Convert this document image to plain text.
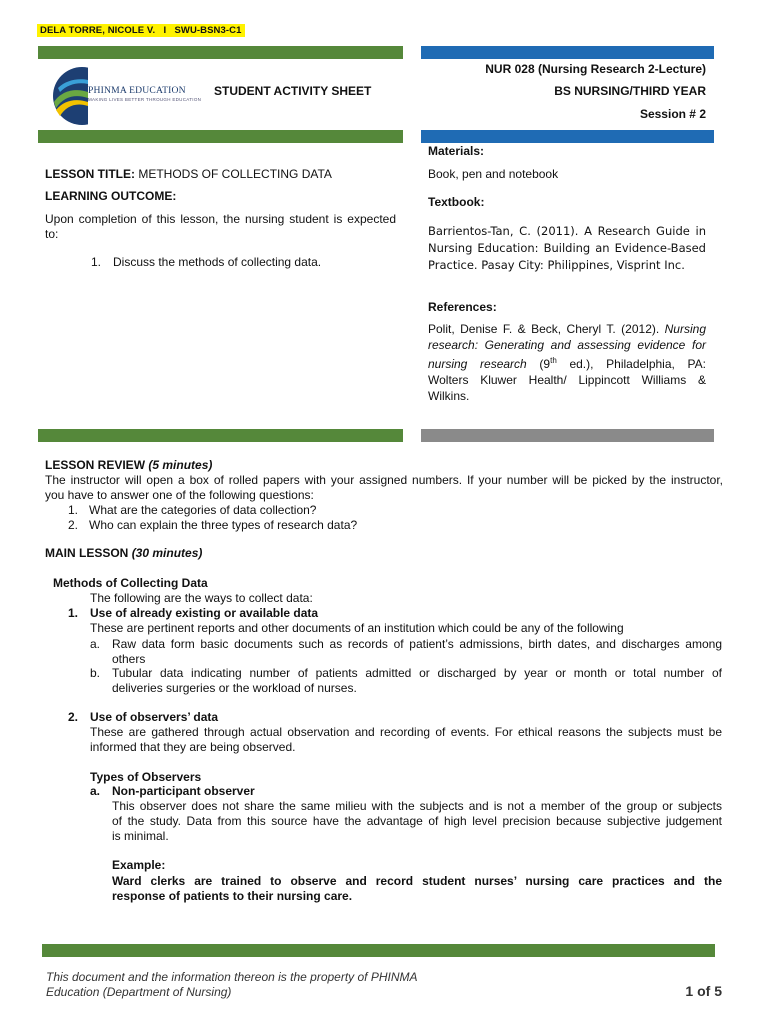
DELA TORRE, NICOLE V. I SWU-BSN3-C1
PHINMA EDUCATION
MAKING LIVES BETTER THROUGH EDUCATION
STUDENT ACTIVITY SHEET
NUR 028 (Nursing Research 2-Lecture)
BS NURSING/THIRD YEAR
Session # 2
LESSON TITLE: METHODS OF COLLECTING DATA
LEARNING OUTCOME:
Upon completion of this lesson, the nursing student is expected to:
1. Discuss the methods of collecting data.
Materials:
Book, pen and notebook
Textbook:
Barrientos-Tan, C. (2011). A Research Guide in
Nursing Education: Building an Evidence-Based
Practice. Pasay City: Philippines, Visprint Inc.
References:
Polit, Denise F. & Beck, Cheryl T. (2012). Nursing
research: Generating and assessing evidence for
nursing research (9th ed.), Philadelphia, PA:
Wolters Kluwer Health/ Lippincott Williams &
Wilkins.
LESSON REVIEW (5 minutes)
The instructor will open a box of rolled papers with your assigned numbers. If your number will be picked by the instructor,
you have to answer one of the following questions:
1. What are the categories of data collection?
2. Who can explain the three types of research data?
MAIN LESSON (30 minutes)
Methods of Collecting Data
The following are the ways to collect data:
1. Use of already existing or available data
These are pertinent reports and other documents of an institution which could be any of the following
a. Raw data form basic documents such as records of patient’s admissions, birth dates, and discharges among
others
b. Tubular data indicating number of patients admitted or discharged by year or month or total number of
deliveries surgeries or the workload of nurses.
2. Use of observers’ data
These are gathered through actual observation and recording of events. For ethical reasons the subjects must be
informed that they are being observed.
Types of Observers
a. Non-participant observer
This observer does not share the same milieu with the subjects and is not a member of the group or subjects
of the study. Data from this source have the advantage of high level precision because subjective judgement
is minimal.
Example:
Ward clerks are trained to observe and record student nurses’ nursing care practices and the
response of patients to their nursing care.
This document and the information thereon is the property of PHINMA
Education (Department of Nursing)	1 of 5
